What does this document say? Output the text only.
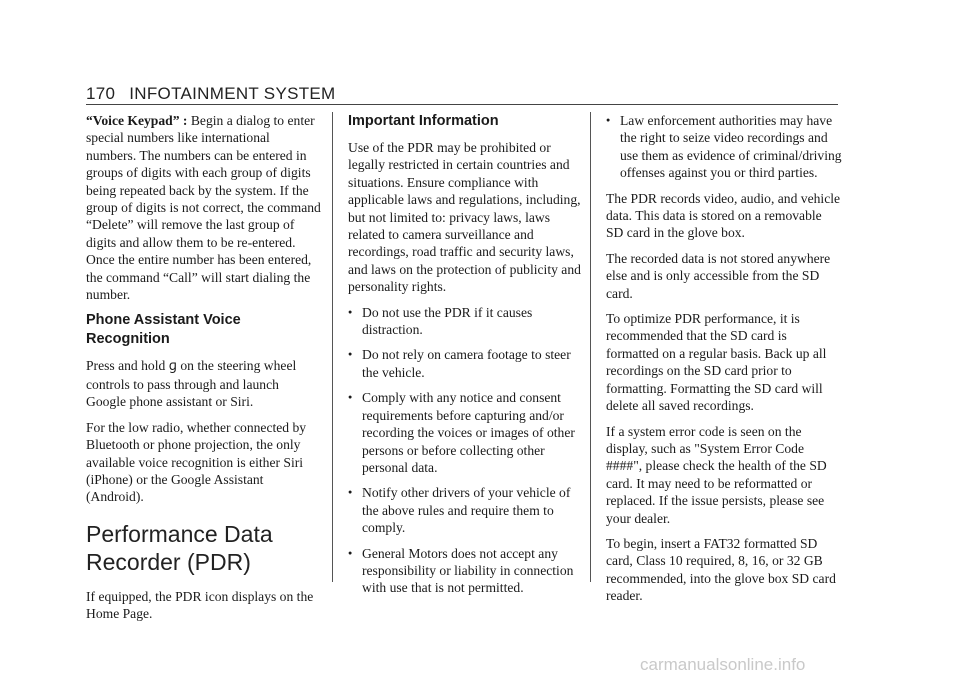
170 INFOTAINMENT SYSTEM

“Voice Keypad” : Begin a dialog to enter special numbers like international numbers. The numbers can be entered in groups of digits with each group of digits being repeated back by the system. If the group of digits is not correct, the command “Delete” will remove the last group of digits and allow them to be re-entered. Once the entire number has been entered, the command “Call” will start dialing the number.

Phone Assistant Voice Recognition

Press and hold ɡ on the steering wheel controls to pass through and launch Google phone assistant or Siri.

For the low radio, whether connected by Bluetooth or phone projection, the only available voice recognition is either Siri (iPhone) or the Google Assistant (Android).

Performance Data Recorder (PDR)

If equipped, the PDR icon displays on the Home Page.

Important Information

Use of the PDR may be prohibited or legally restricted in certain countries and situations. Ensure compliance with applicable laws and regulations, including, but not limited to: privacy laws, laws related to camera surveillance and recordings, road traffic and security laws, and laws on the protection of publicity and personality rights.

● Do not use the PDR if it causes distraction.
● Do not rely on camera footage to steer the vehicle.
● Comply with any notice and consent requirements before capturing and/or recording the voices or images of other persons or before collecting other personal data.
● Notify other drivers of your vehicle of the above rules and require them to comply.
● General Motors does not accept any responsibility or liability in connection with use that is not permitted.
● Law enforcement authorities may have the right to seize video recordings and use them as evidence of criminal/driving offenses against you or third parties.

The PDR records video, audio, and vehicle data. This data is stored on a removable SD card in the glove box.

The recorded data is not stored anywhere else and is only accessible from the SD card.

To optimize PDR performance, it is recommended that the SD card is formatted on a regular basis. Back up all recordings on the SD card prior to formatting. Formatting the SD card will delete all saved recordings.

If a system error code is seen on the display, such as "System Error Code ####", please check the health of the SD card. It may need to be reformatted or replaced. If the issue persists, please see your dealer.

To begin, insert a FAT32 formatted SD card, Class 10 required, 8, 16, or 32 GB recommended, into the glove box SD card reader.

carmanualsonline.info
